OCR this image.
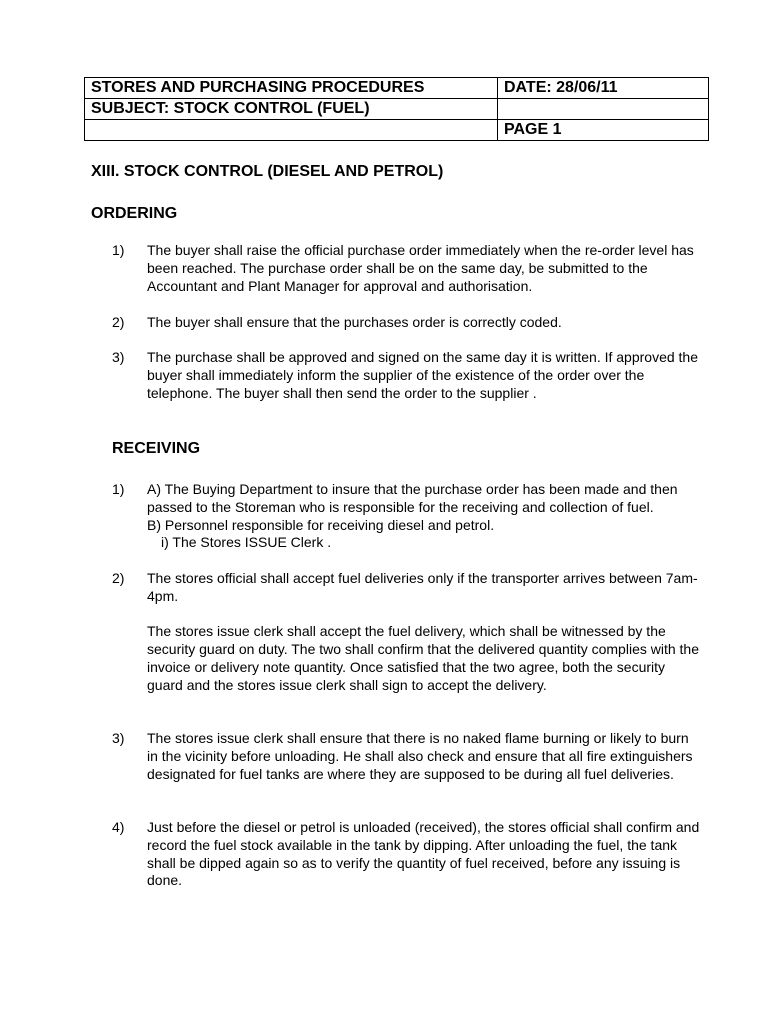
STORES AND PURCHASING PROCEDURES	DATE: 28/06/11
SUBJECT: STOCK CONTROL (FUEL)	
	PAGE 1
XIII. STOCK CONTROL (DIESEL AND PETROL)
ORDERING
1)	The buyer shall raise the official purchase order immediately when the re-order level has been reached. The purchase order shall be on the same day, be submitted to the Accountant and Plant Manager for approval and authorisation.

2)	The buyer shall ensure that the purchases order is correctly coded.

3)	The purchase shall be approved and signed on the same day it is written. If approved the buyer shall immediately inform the supplier of the existence of the order over the telephone. The buyer shall then send the order to the supplier .

RECEIVING
1)	A) The Buying Department to insure that the purchase order has been made and then passed to the Storeman who is responsible for the receiving and collection of fuel.

B) Personnel responsible for receiving diesel and petrol.

i) The Stores ISSUE Clerk .

2)	The stores official shall accept fuel deliveries only if the transporter arrives between 7am-4pm.

The stores issue clerk shall accept the fuel delivery, which shall be witnessed by the security guard on duty. The two shall confirm that the delivered quantity complies with the invoice or delivery note quantity. Once satisfied that the two agree, both the security guard and the stores issue clerk shall sign to accept the delivery.

3)	The stores issue clerk shall ensure that there is no naked flame burning or likely to burn in the vicinity before unloading. He shall also check and ensure that all fire extinguishers designated for fuel tanks are where they are supposed to be during all fuel deliveries.

4)	Just before the diesel or petrol is unloaded (received), the stores official shall confirm and record the fuel stock available in the tank by dipping. After unloading the fuel, the tank shall be dipped again so as to verify the quantity of fuel received, before any issuing is done.
